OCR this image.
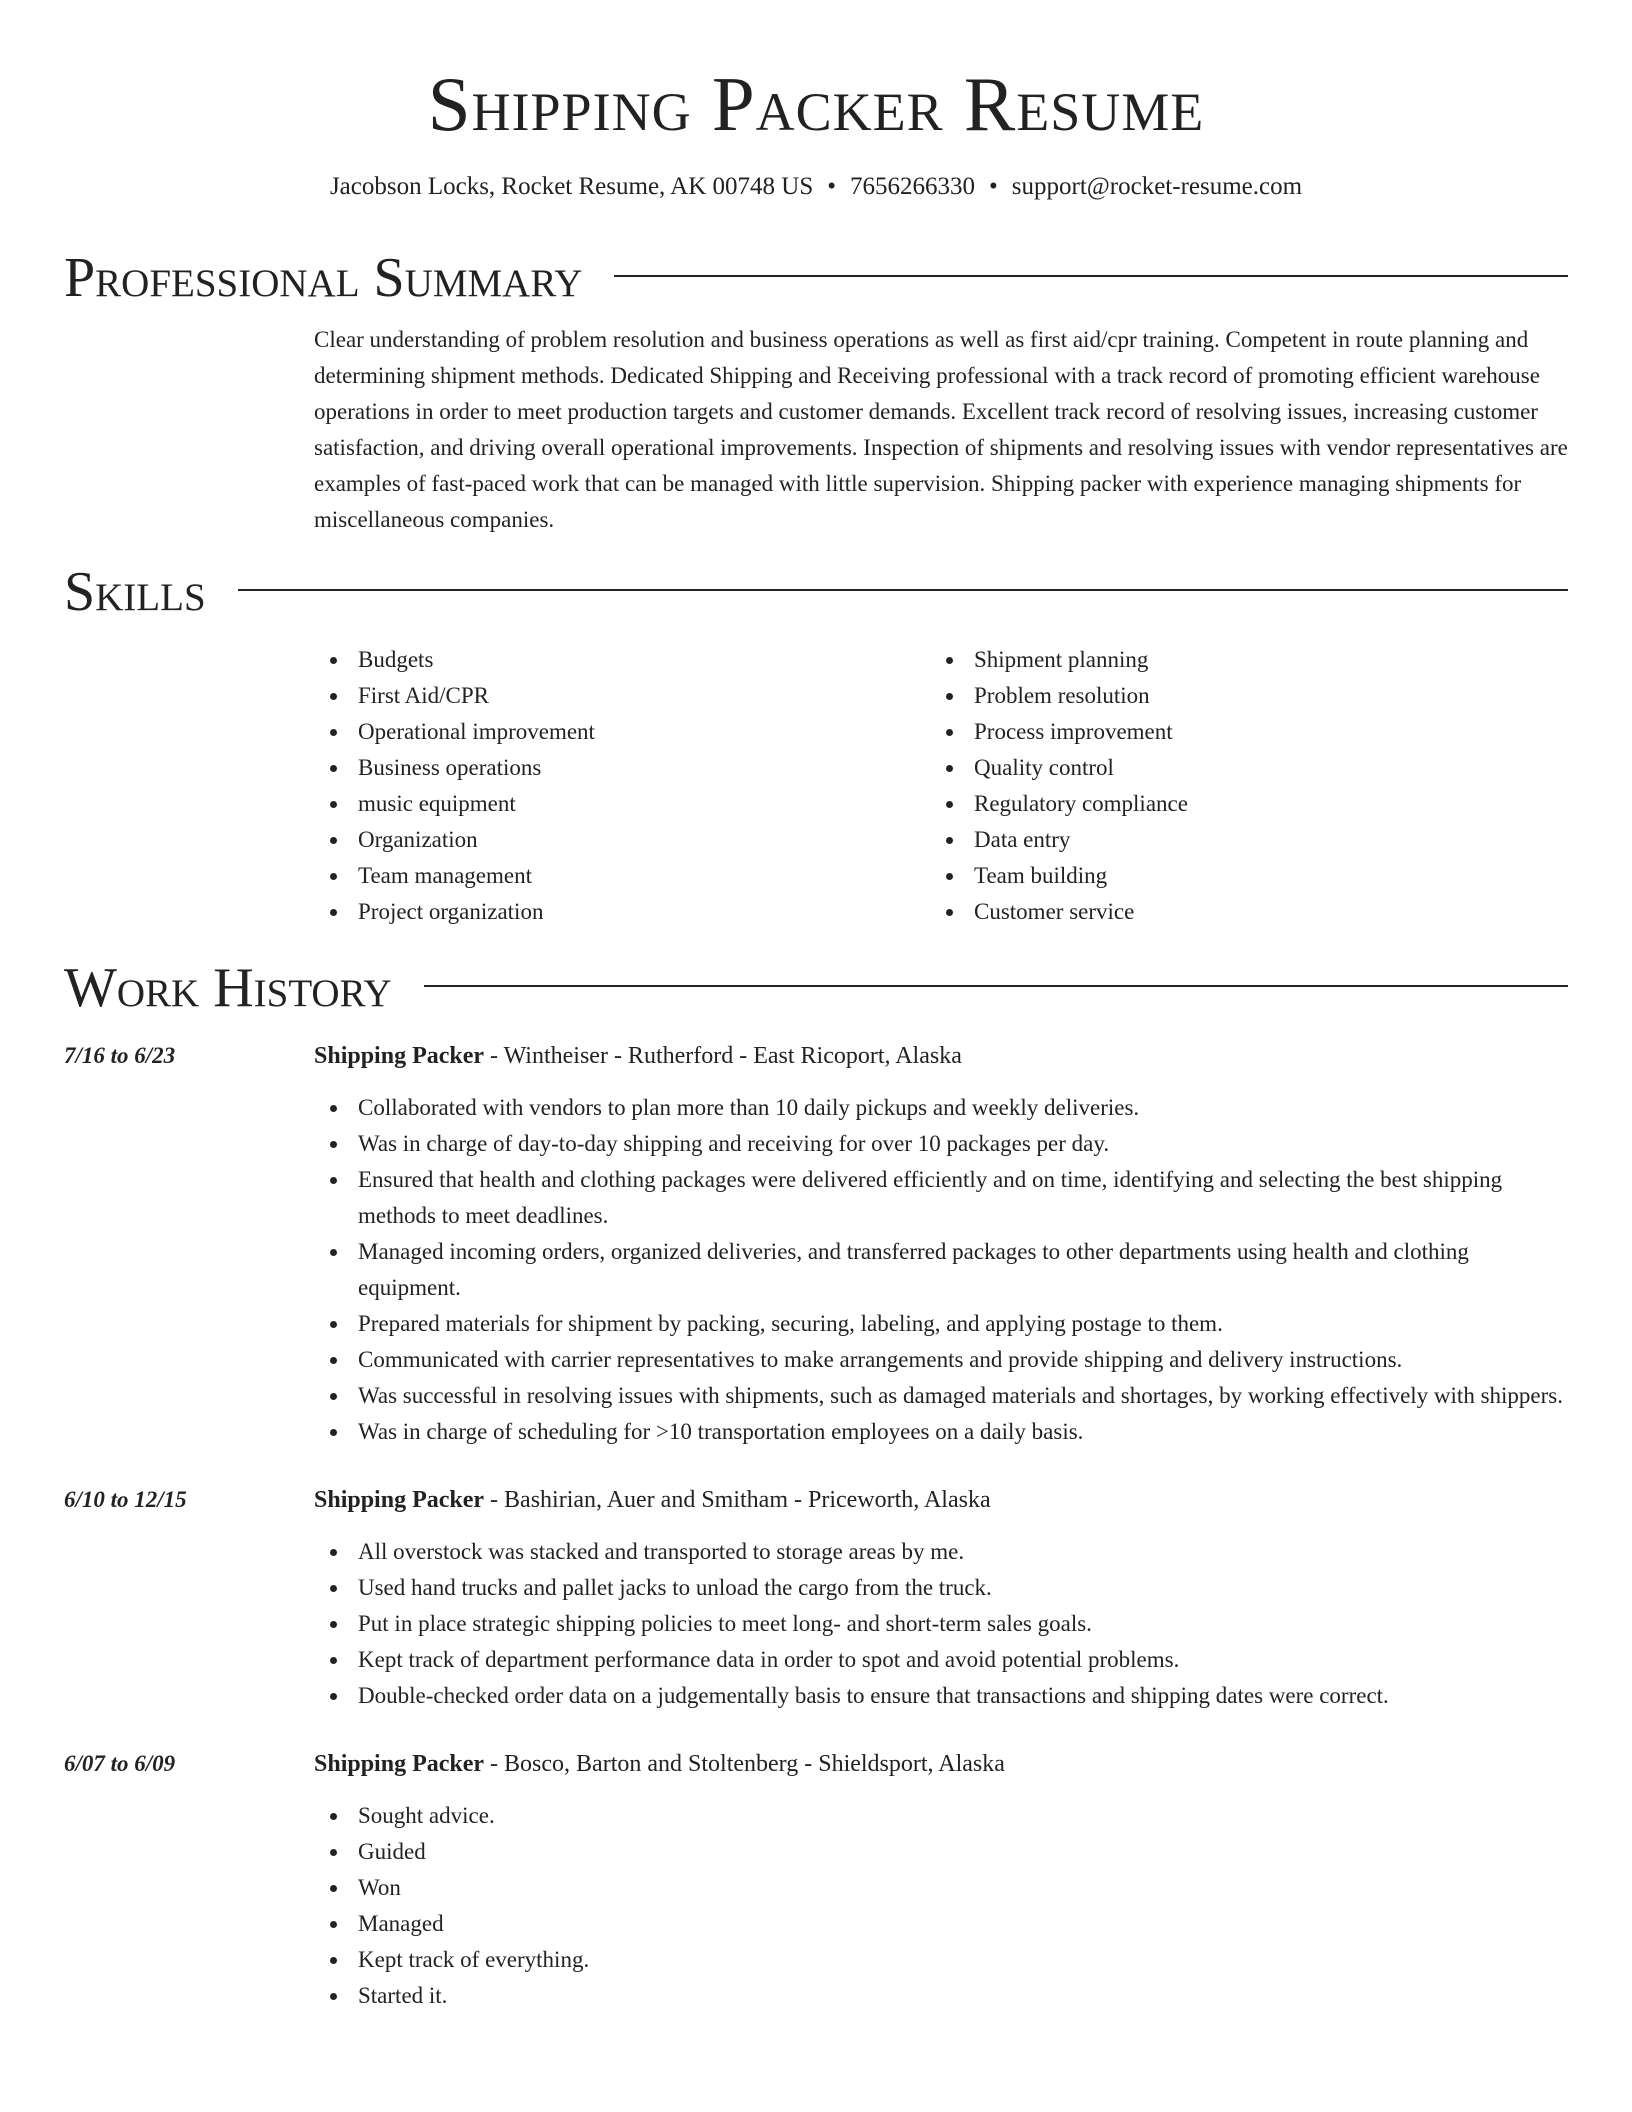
Shipping Packer Resume
Jacobson Locks, Rocket Resume, AK 00748 US • 7656266330 • support@rocket-resume.com
Professional Summary
Clear understanding of problem resolution and business operations as well as first aid/cpr training. Competent in route planning and determining shipment methods. Dedicated Shipping and Receiving professional with a track record of promoting efficient warehouse operations in order to meet production targets and customer demands. Excellent track record of resolving issues, increasing customer satisfaction, and driving overall operational improvements. Inspection of shipments and resolving issues with vendor representatives are examples of fast-paced work that can be managed with little supervision. Shipping packer with experience managing shipments for miscellaneous companies.
Skills
Budgets
First Aid/CPR
Operational improvement
Business operations
music equipment
Organization
Team management
Project organization
Shipment planning
Problem resolution
Process improvement
Quality control
Regulatory compliance
Data entry
Team building
Customer service
Work History
7/16 to 6/23	Shipping Packer - Wintheiser - Rutherford - East Ricoport, Alaska
Collaborated with vendors to plan more than 10 daily pickups and weekly deliveries.
Was in charge of day-to-day shipping and receiving for over 10 packages per day.
Ensured that health and clothing packages were delivered efficiently and on time, identifying and selecting the best shipping methods to meet deadlines.
Managed incoming orders, organized deliveries, and transferred packages to other departments using health and clothing equipment.
Prepared materials for shipment by packing, securing, labeling, and applying postage to them.
Communicated with carrier representatives to make arrangements and provide shipping and delivery instructions.
Was successful in resolving issues with shipments, such as damaged materials and shortages, by working effectively with shippers.
Was in charge of scheduling for >10 transportation employees on a daily basis.
6/10 to 12/15	Shipping Packer - Bashirian, Auer and Smitham - Priceworth, Alaska
All overstock was stacked and transported to storage areas by me.
Used hand trucks and pallet jacks to unload the cargo from the truck.
Put in place strategic shipping policies to meet long- and short-term sales goals.
Kept track of department performance data in order to spot and avoid potential problems.
Double-checked order data on a judgementally basis to ensure that transactions and shipping dates were correct.
6/07 to 6/09	Shipping Packer - Bosco, Barton and Stoltenberg - Shieldsport, Alaska
Sought advice.
Guided
Won
Managed
Kept track of everything.
Started it.
